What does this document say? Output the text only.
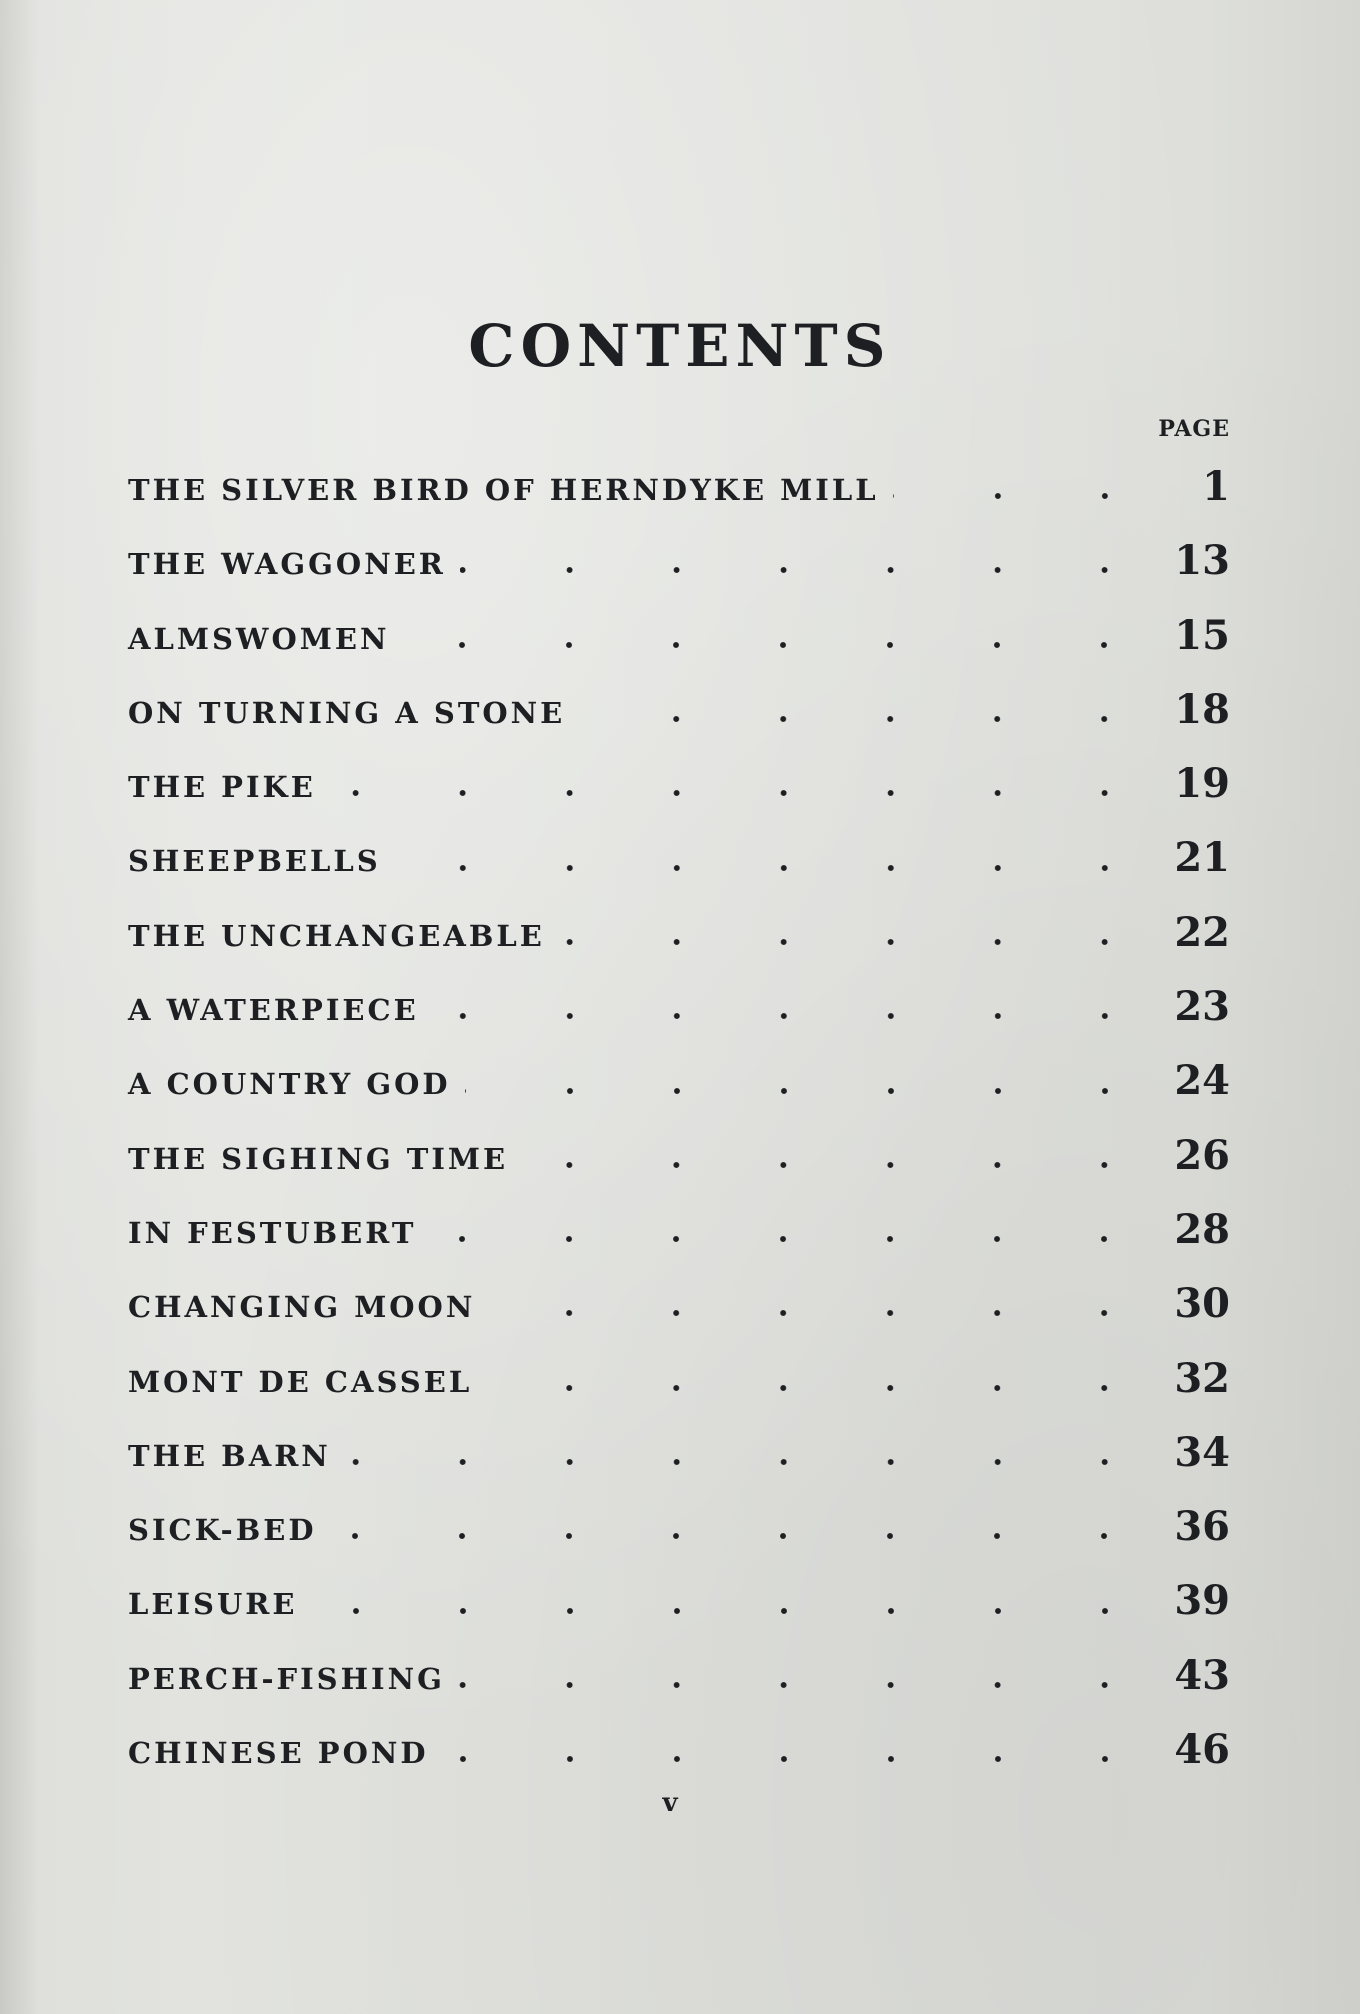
CONTENTS
PAGE
THE SILVER BIRD OF HERNDYKE MILL	1
THE WAGGONER	13
ALMSWOMEN	15
ON TURNING A STONE	18
THE PIKE	19
SHEEPBELLS	21
THE UNCHANGEABLE	22
A WATERPIECE	23
A COUNTRY GOD	24
THE SIGHING TIME	26
IN FESTUBERT	28
CHANGING MOON	30
MONT DE CASSEL	32
THE BARN	34
SICK-BED	36
LEISURE	39
PERCH-FISHING	43
CHINESE POND	46
v
